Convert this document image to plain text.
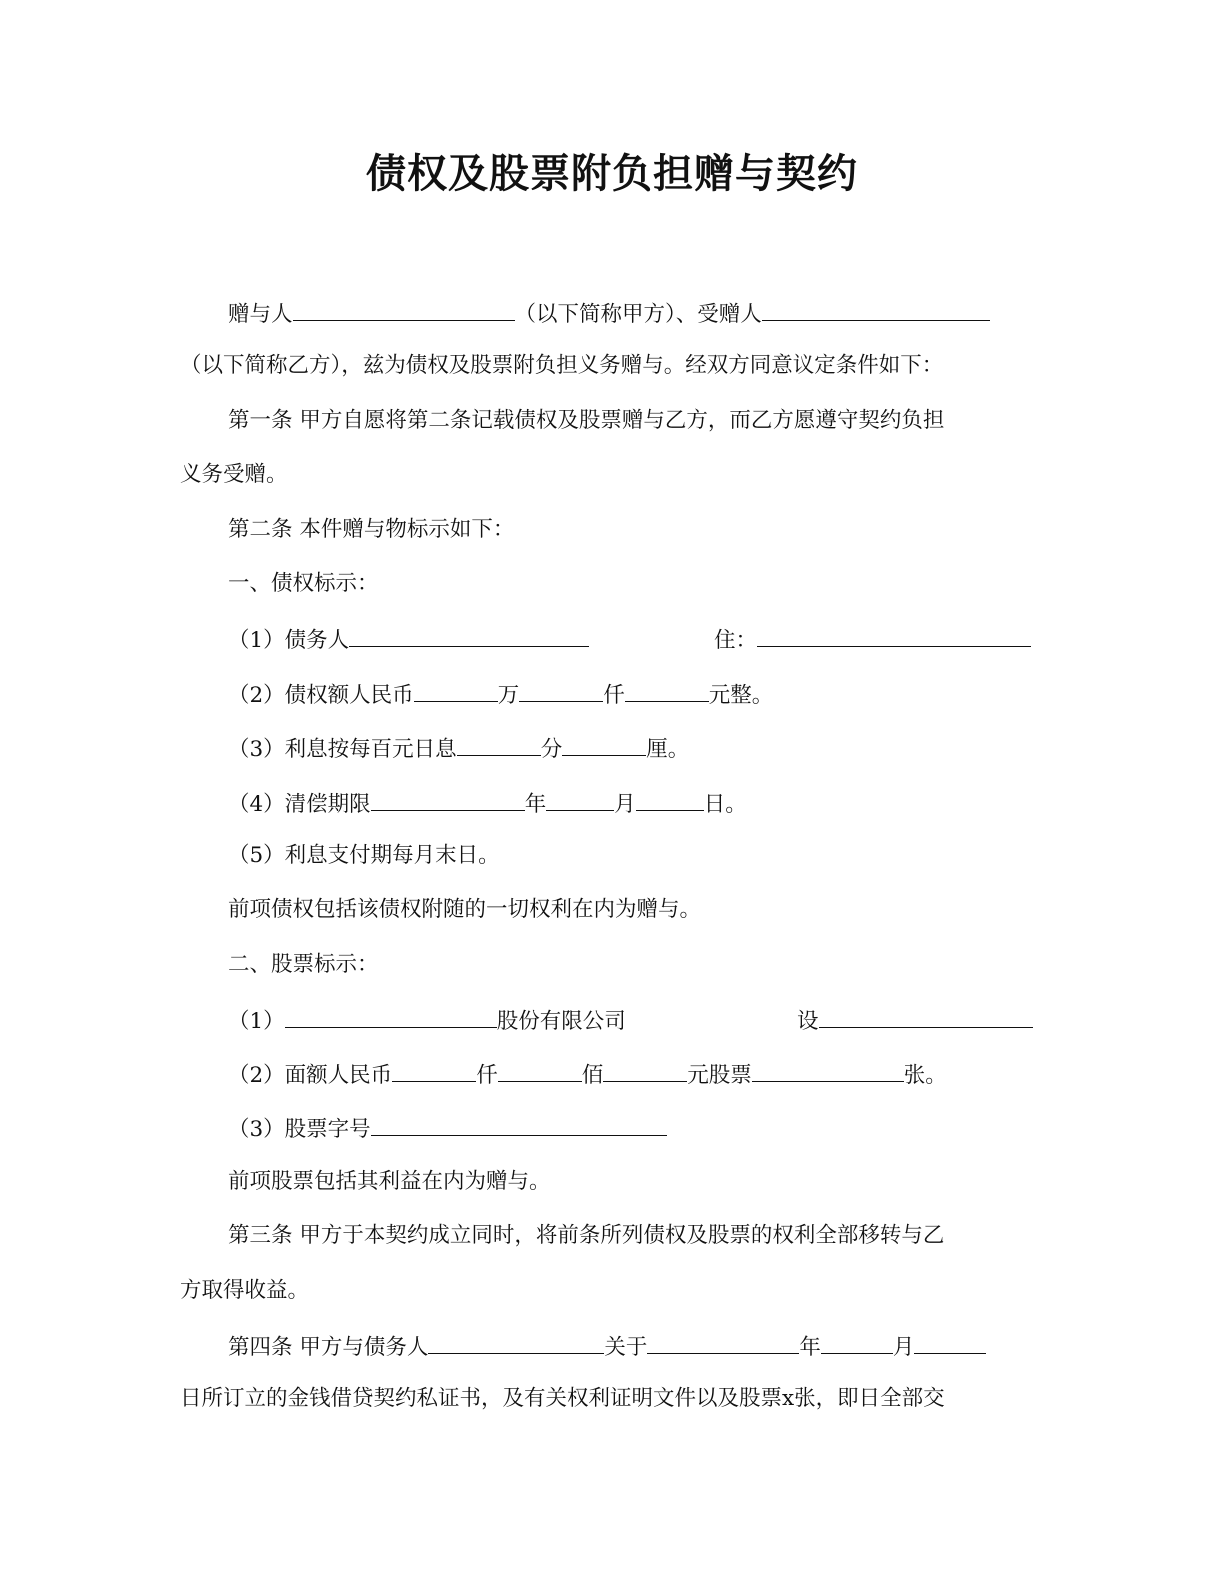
债权及股票附负担赠与契约
赠与人	（以下简称甲方）、受赠人
（以下简称乙方），兹为债权及股票附负担义务赠与。经双方同意议定条件如下：
第一条 甲方自愿将第二条记载债权及股票赠与乙方，而乙方愿遵守契约负担
义务受赠。
第二条 本件赠与物标示如下：
一、债权标示：
（1）债务人	住：
（2）债权额人民币	万	仟	元整。
（3）利息按每百元日息	分	厘。
（4）清偿期限	年	月	日。
（5）利息支付期每月末日。
前项债权包括该债权附随的一切权利在内为赠与。
二、股票标示：
（1）	股份有限公司	设
（2）面额人民币	仟	佰	元股票	张。
（3）股票字号
前项股票包括其利益在内为赠与。
第三条 甲方于本契约成立同时，将前条所列债权及股票的权利全部移转与乙
方取得收益。
第四条 甲方与债务人	关于	年	月
日所订立的金钱借贷契约私证书，及有关权利证明文件以及股票x张，即日全部交
